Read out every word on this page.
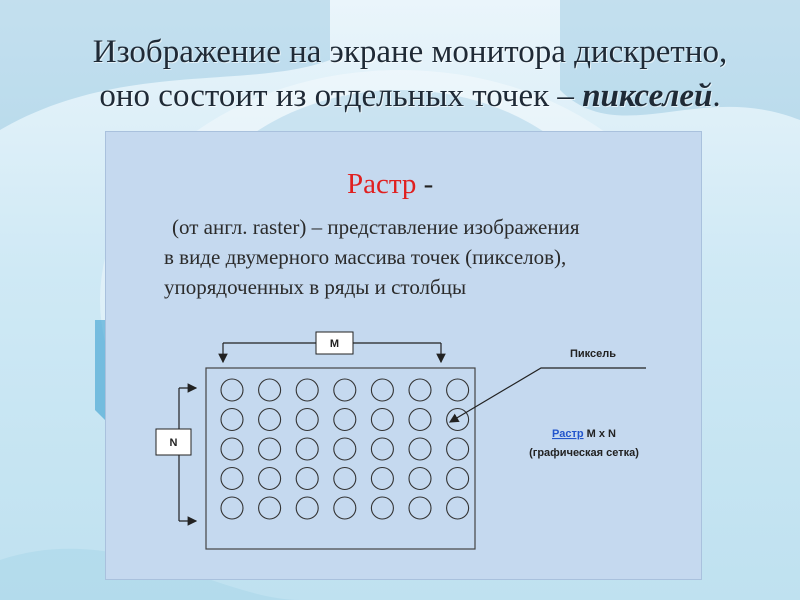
Изображение на экране монитора дискретно,
оно состоит из отдельных точек – пикселей.
Растр -
(от англ. raster) – представление изображения
в виде двумерного массива точек (пикселов),
упорядоченных в ряды и столбцы
M
N
Пиксель
Растр M x N
(графическая сетка)
